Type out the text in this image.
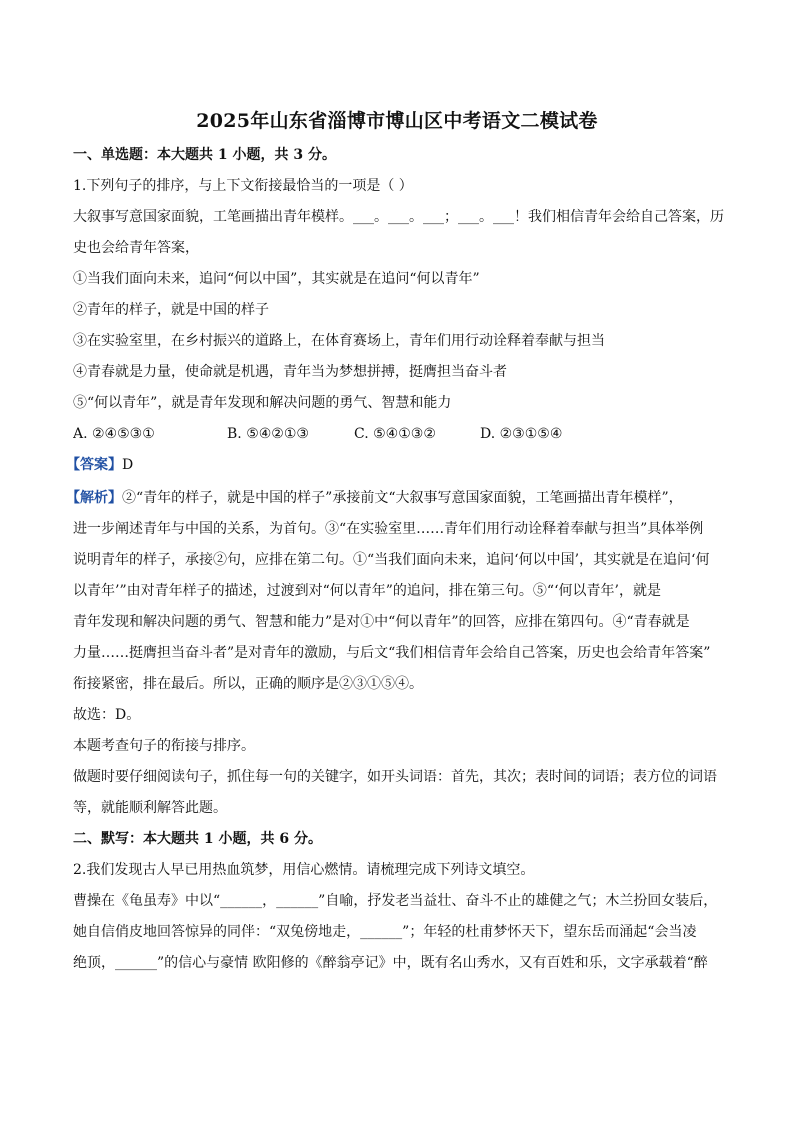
2025年山东省淄博市博山区中考语文二模试卷
一、单选题：本大题共 1 小题，共 3 分。
1.下列句子的排序，与上下文衔接最恰当的一项是（ ）
大叙事写意国家面貌，工笔画描出青年模样。___。___。___；___。___！我们相信青年会给自己答案，历
史也会给青年答案，
①当我们面向未来，追问“何以中国”，其实就是在追问“何以青年”
②青年的样子，就是中国的样子
③在实验室里，在乡村振兴的道路上，在体育赛场上，青年们用行动诠释着奉献与担当
④青春就是力量，使命就是机遇，青年当为梦想拼搏，挺膺担当奋斗者
⑤“何以青年”，就是青年发现和解决问题的勇气、智慧和能力
A. ②④⑤③①	B. ⑤④②①③	C. ⑤④①③②	D. ②③①⑤④
【答案】D
【解析】②“青年的样子，就是中国的样子”承接前文“大叙事写意国家面貌，工笔画描出青年模样”，
进一步阐述青年与中国的关系，为首句。③“在实验室里……青年们用行动诠释着奉献与担当”具体举例
说明青年的样子，承接②句，应排在第二句。①“当我们面向未来，追问‘何以中国’，其实就是在追问‘何
以青年’”由对青年样子的描述，过渡到对“何以青年”的追问，排在第三句。⑤“‘何以青年’，就是
青年发现和解决问题的勇气、智慧和能力”是对①中“何以青年”的回答，应排在第四句。④“青春就是
力量……挺膺担当奋斗者”是对青年的激励，与后文“我们相信青年会给自己答案，历史也会给青年答案”
衔接紧密，排在最后。所以，正确的顺序是②③①⑤④。
故选：D。
本题考查句子的衔接与排序。
做题时要仔细阅读句子，抓住每一句的关键字，如开头词语：首先，其次；表时间的词语；表方位的词语
等，就能顺利解答此题。
二、默写：本大题共 1 小题，共 6 分。
2.我们发现古人早已用热血筑梦，用信心燃情。请梳理完成下列诗文填空。
曹操在《龟虽寿》中以“______，______”自喻，抒发老当益壮、奋斗不止的雄健之气；木兰扮回女装后，
她自信俏皮地回答惊异的同伴：“双兔傍地走，______”；年轻的杜甫梦怀天下，望东岳而涌起“会当凌
绝顶，______”的信心与豪情 欧阳修的《醉翁亭记》中，既有名山秀水，又有百姓和乐，文字承载着“醉
